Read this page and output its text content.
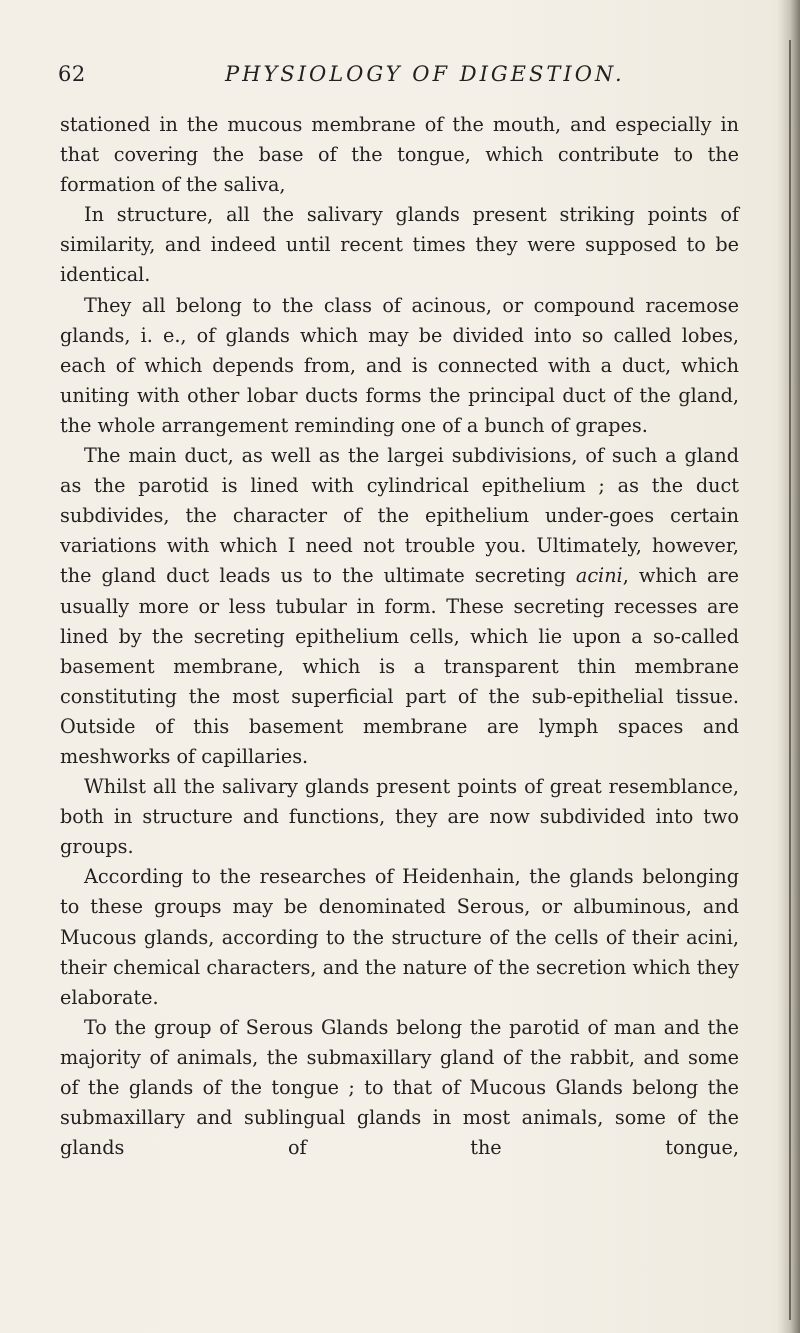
62	PHYSIOLOGY OF DIGESTION.

stationed in the mucous membrane of the mouth, and especially in that covering the base of the tongue, which contribute to the formation of the saliva,

In structure, all the salivary glands present striking points of similarity, and indeed until recent times they were supposed to be identical.

They all belong to the class of acinous, or compound racemose glands, i. e., of glands which may be divided into so called lobes, each of which depends from, and is connected with a duct, which uniting with other lobar ducts forms the principal duct of the gland, the whole arrangement reminding one of a bunch of grapes.

The main duct, as well as the largei subdivisions, of such a gland as the parotid is lined with cylindrical epithelium ; as the duct subdivides, the character of the epithelium under-goes certain variations with which I need not trouble you. Ultimately, however, the gland duct leads us to the ultimate secreting acini, which are usually more or less tubular in form. These secreting recesses are lined by the secreting epithelium cells, which lie upon a so-called basement membrane, which is a transparent thin membrane constituting the most superficial part of the sub-epithelial tissue. Outside of this basement membrane are lymph spaces and meshworks of capillaries.

Whilst all the salivary glands present points of great resemblance, both in structure and functions, they are now subdivided into two groups.

According to the researches of Heidenhain, the glands belonging to these groups may be denominated Serous, or albuminous, and Mucous glands, according to the structure of the cells of their acini, their chemical characters, and the nature of the secretion which they elaborate.

To the group of Serous Glands belong the parotid of man and the majority of animals, the submaxillary gland of the rabbit, and some of the glands of the tongue ; to that of Mucous Glands belong the submaxillary and sublingual glands in most animals, some of the glands of the tongue,
